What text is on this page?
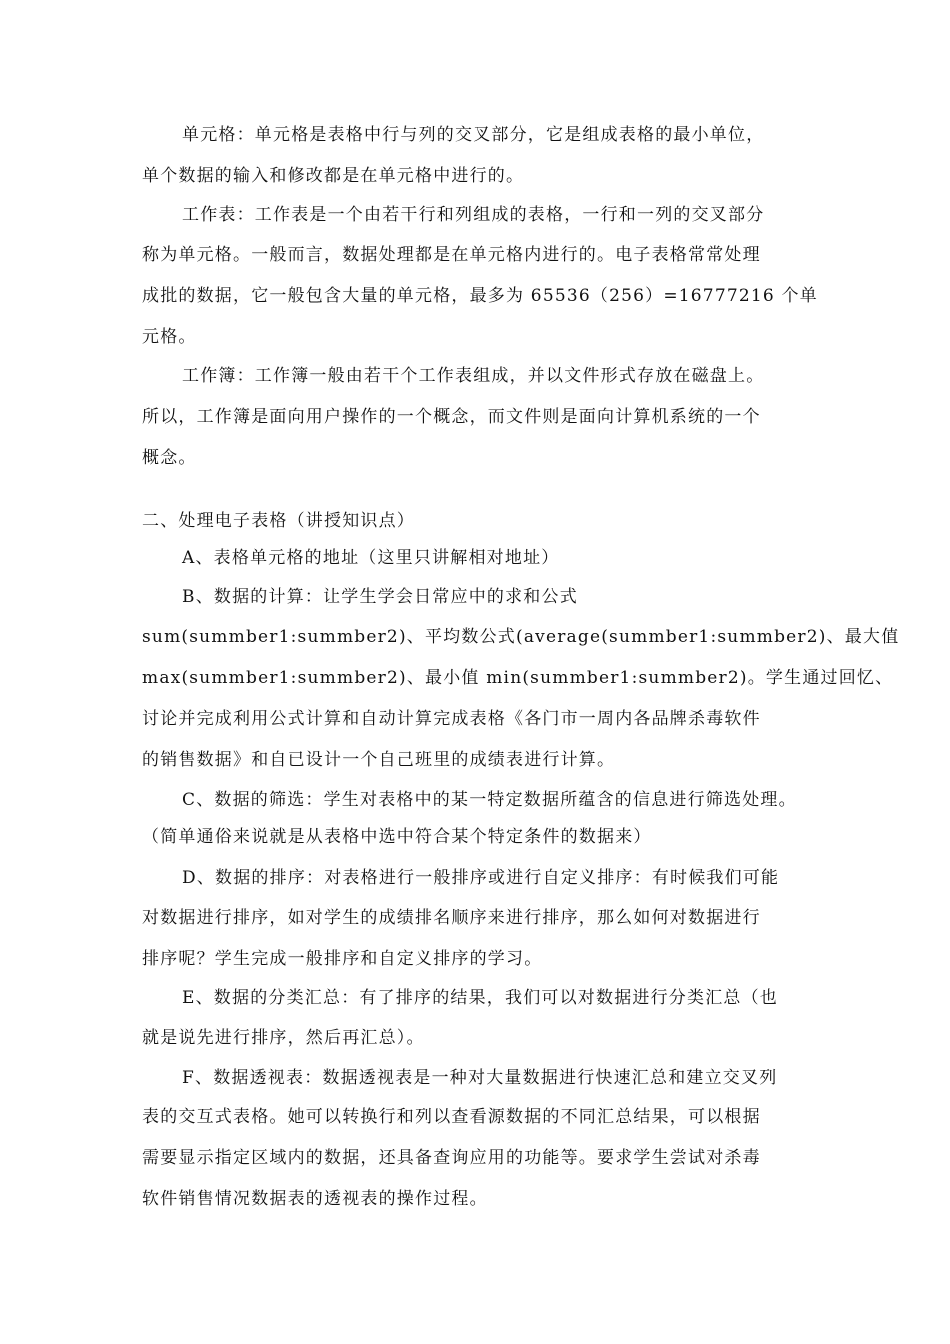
单元格：单元格是表格中行与列的交叉部分，它是组成表格的最小单位，
单个数据的输入和修改都是在单元格中进行的。
工作表：工作表是一个由若干行和列组成的表格，一行和一列的交叉部分
称为单元格。一般而言，数据处理都是在单元格内进行的。电子表格常常处理
成批的数据，它一般包含大量的单元格，最多为 65536（256）=16777216 个单
元格。
工作簿：工作簿一般由若干个工作表组成，并以文件形式存放在磁盘上。
所以，工作簿是面向用户操作的一个概念，而文件则是面向计算机系统的一个
概念。
二、处理电子表格（讲授知识点）
A、表格单元格的地址（这里只讲解相对地址）
B、数据的计算：让学生学会日常应中的求和公式
sum(summber1:summber2)、平均数公式(average(summber1:summber2)、最大值
max(summber1:summber2)、最小值 min(summber1:summber2)。学生通过回忆、
讨论并完成利用公式计算和自动计算完成表格《各门市一周内各品牌杀毒软件
的销售数据》和自已设计一个自己班里的成绩表进行计算。
C、数据的筛选：学生对表格中的某一特定数据所蕴含的信息进行筛选处理。
（简单通俗来说就是从表格中选中符合某个特定条件的数据来）
D、数据的排序：对表格进行一般排序或进行自定义排序：有时候我们可能
对数据进行排序，如对学生的成绩排名顺序来进行排序，那么如何对数据进行
排序呢？学生完成一般排序和自定义排序的学习。
E、数据的分类汇总：有了排序的结果，我们可以对数据进行分类汇总（也
就是说先进行排序，然后再汇总）。
F、数据透视表：数据透视表是一种对大量数据进行快速汇总和建立交叉列
表的交互式表格。她可以转换行和列以查看源数据的不同汇总结果，可以根据
需要显示指定区域内的数据，还具备查询应用的功能等。要求学生尝试对杀毒
软件销售情况数据表的透视表的操作过程。
